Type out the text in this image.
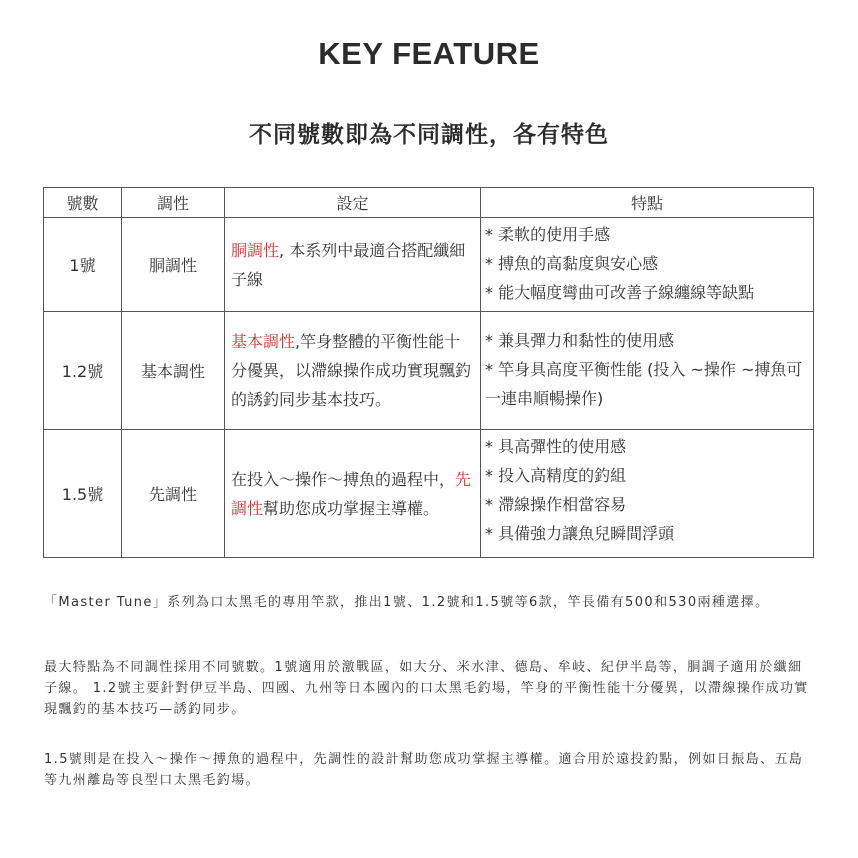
KEY FEATURE
不同號數即為不同調性，各有特色
號數	調性	設定	特點
1號	胴調性	胴調性, 本系列中最適合搭配纖細子線	* 柔軟的使用手感
* 搏魚的高黏度與安心感
* 能大幅度彎曲可改善子線纏線等缺點

1.2號	基本調性	基本調性,竿身整體的平衡性能十分優異，以滯線操作成功實現飄釣的誘釣同步基本技巧。	* 兼具彈力和黏性的使用感
* 竿身具高度平衡性能 (投入 ~操作 ~搏魚可一連串順暢操作)

1.5號	先調性	在投入〜操作〜搏魚的過程中，先調性幫助您成功掌握主導權。	* 具高彈性的使用感
* 投入高精度的釣組
* 滯線操作相當容易
* 具備強力讓魚兒瞬間浮頭

「Master Tune」系列為口太黑毛的專用竿款，推出1號、1.2號和1.5號等6款，竿長備有500和530兩種選擇。

最大特點為不同調性採用不同號數。1號適用於激戰區，如大分、米水津、德島、牟岐、紀伊半島等，胴調子適用於纖細子線。 1.2號主要針對伊豆半島、四國、九州等日本國內的口太黑毛釣場，竿身的平衡性能十分優異，以滯線操作成功實現飄釣的基本技巧—誘釣同步。

1.5號則是在投入～操作～搏魚的過程中，先調性的設計幫助您成功掌握主導權。適合用於遠投釣點，例如日振島、五島等九州離島等良型口太黑毛釣場。
